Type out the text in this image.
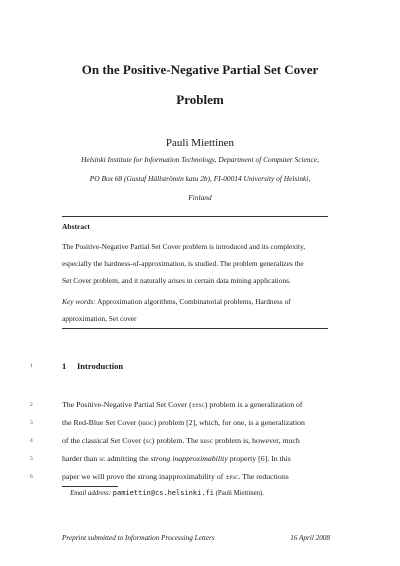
On the Positive-Negative Partial Set Cover
Problem
Pauli Miettinen
Helsinki Institute for Information Technology, Department of Computer Science,
PO Box 68 (Gustaf Hällströmin katu 2b), FI-00014 University of Helsinki,
Finland
Abstract
The Positive-Negative Partial Set Cover problem is introduced and its complexity,
especially the hardness-of-approximation, is studied. The problem generalizes the
Set Cover problem, and it naturally arises in certain data mining applications.
Key words: Approximation algorithms, Combinatorial problems, Hardness of
approximation, Set cover
1	1 Introduction
2	The Positive-Negative Partial Set Cover (±psc) problem is a generalization of
3	the Red-Blue Set Cover (rbsc) problem [2], which, for one, is a generalization
4	of the classical Set Cover (sc) problem. The rbsc problem is, however, much
5	harder than sc admitting the strong inapproximability property [6]. In this
6	paper we will prove the strong inapproximability of ±psc. The reductions
Email address: pamiettin@cs.helsinki.fi (Pauli Miettinen).
Preprint submitted to Information Processing Letters	16 April 2008
